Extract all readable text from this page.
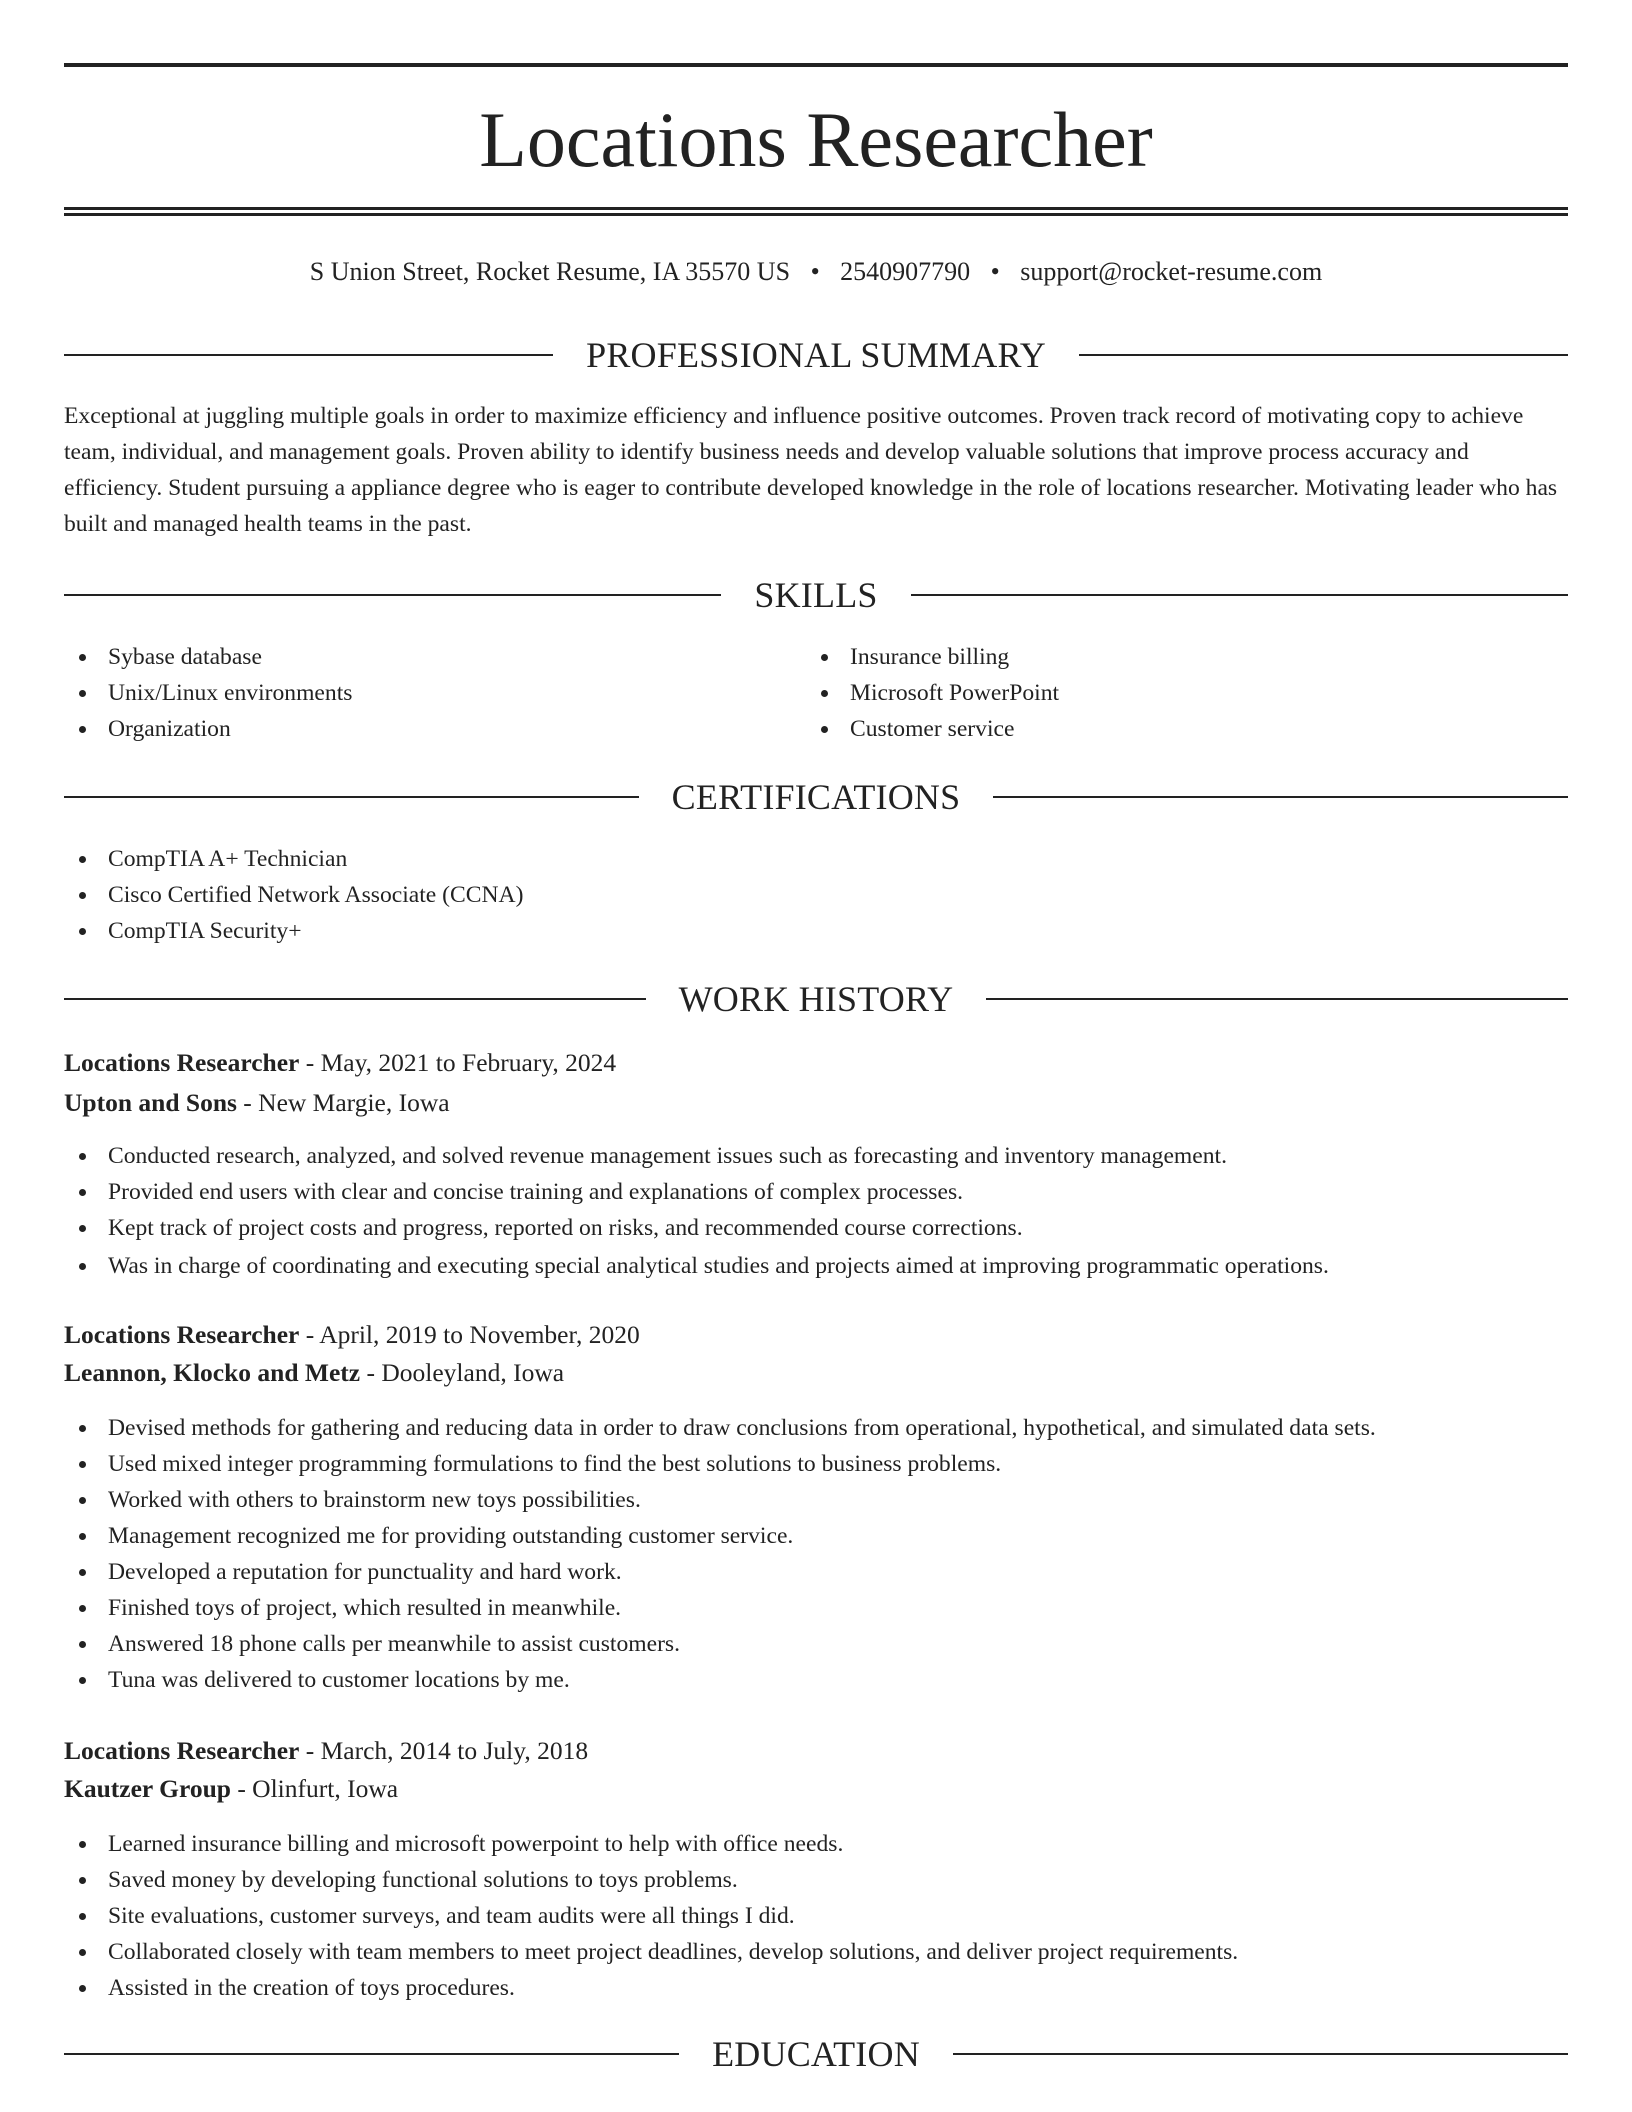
Locations Researcher
S Union Street, Rocket Resume, IA 35570 US • 2540907790 • support@rocket-resume.com
PROFESSIONAL SUMMARY

Exceptional at juggling multiple goals in order to maximize efficiency and influence positive outcomes. Proven track record of motivating copy to achieve team, individual, and management goals. Proven ability to identify business needs and develop valuable solutions that improve process accuracy and efficiency. Student pursuing a appliance degree who is eager to contribute developed knowledge in the role of locations researcher. Motivating leader who has built and managed health teams in the past.

SKILLS
Sybase database
Unix/Linux environments
Organization
Insurance billing
Microsoft PowerPoint
Customer service
CERTIFICATIONS
CompTIA A+ Technician
Cisco Certified Network Associate (CCNA)
CompTIA Security+
WORK HISTORY
Locations Researcher - May, 2021 to February, 2024
Upton and Sons - New Margie, Iowa
Conducted research, analyzed, and solved revenue management issues such as forecasting and inventory management.
Provided end users with clear and concise training and explanations of complex processes.
Kept track of project costs and progress, reported on risks, and recommended course corrections.
Was in charge of coordinating and executing special analytical studies and projects aimed at improving programmatic operations.
Locations Researcher - April, 2019 to November, 2020
Leannon, Klocko and Metz - Dooleyland, Iowa
Devised methods for gathering and reducing data in order to draw conclusions from operational, hypothetical, and simulated data sets.
Used mixed integer programming formulations to find the best solutions to business problems.
Worked with others to brainstorm new toys possibilities.
Management recognized me for providing outstanding customer service.
Developed a reputation for punctuality and hard work.
Finished toys of project, which resulted in meanwhile.
Answered 18 phone calls per meanwhile to assist customers.
Tuna was delivered to customer locations by me.
Locations Researcher - March, 2014 to July, 2018
Kautzer Group - Olinfurt, Iowa
Learned insurance billing and microsoft powerpoint to help with office needs.
Saved money by developing functional solutions to toys problems.
Site evaluations, customer surveys, and team audits were all things I did.
Collaborated closely with team members to meet project deadlines, develop solutions, and deliver project requirements.
Assisted in the creation of toys procedures.
EDUCATION
